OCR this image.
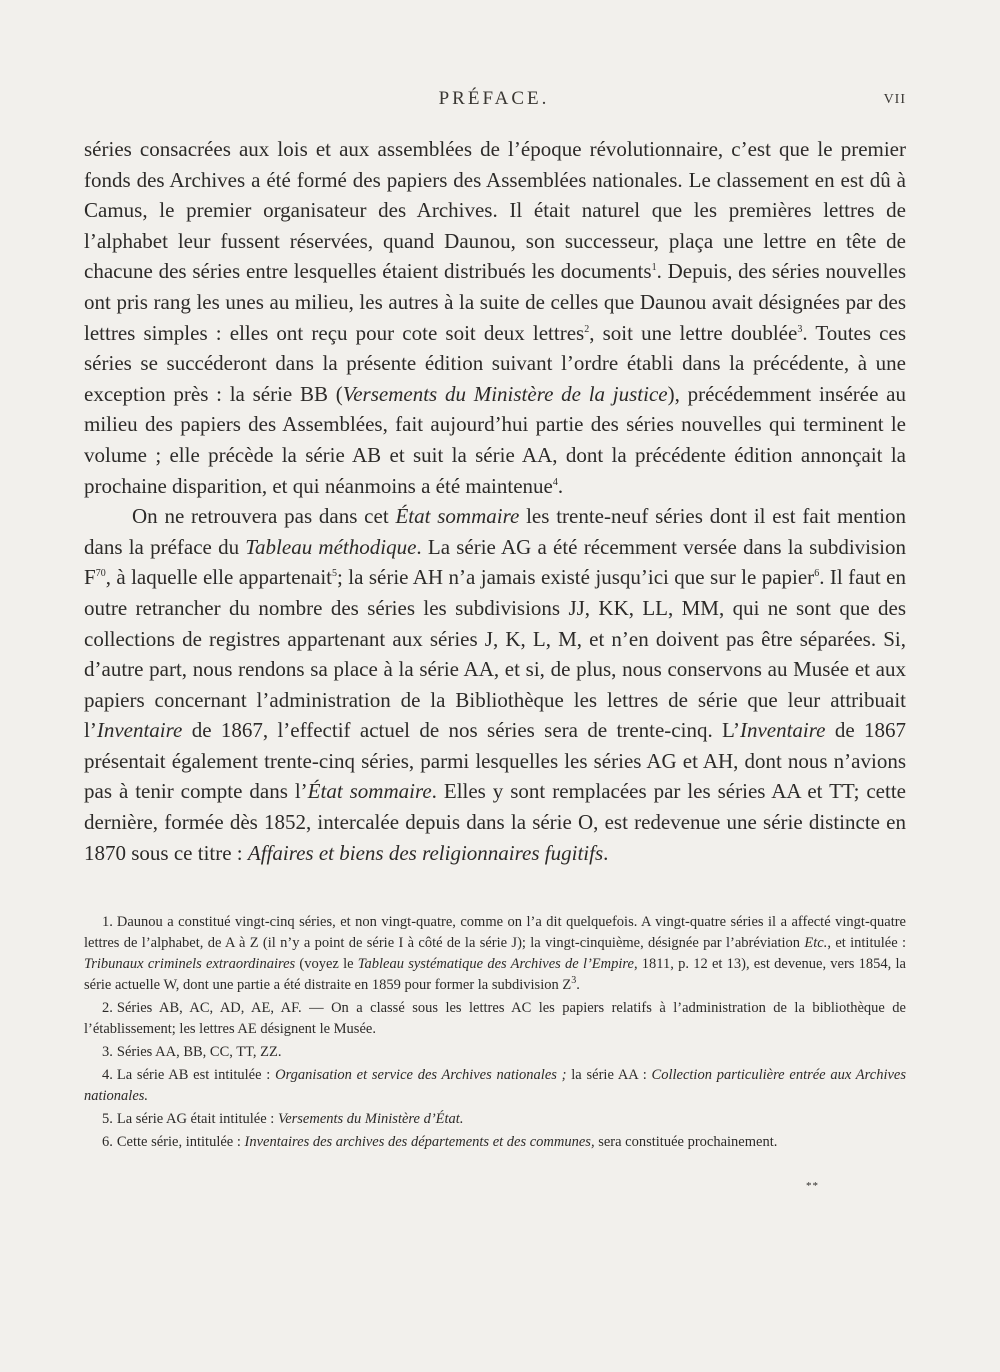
PRÉFACE.	VII

séries consacrées aux lois et aux assemblées de l’époque révolutionnaire, c’est que le premier fonds des Archives a été formé des papiers des Assemblées nationales. Le classement en est dû à Camus, le premier organisateur des Archives. Il était naturel que les premières lettres de l’alphabet leur fussent réservées, quand Daunou, son successeur, plaça une lettre en tête de chacune des séries entre lesquelles étaient distribués les documents$^1$. Depuis, des séries nouvelles ont pris rang les unes au milieu, les autres à la suite de celles que Daunou avait désignées par des lettres simples : elles ont reçu pour cote soit deux lettres$^2$, soit une lettre doublée$^3$. Toutes ces séries se succéderont dans la présente édition suivant l’ordre établi dans la précédente, à une exception près : la série BB (Versements du Ministère de la justice), précédemment insérée au milieu des papiers des Assemblées, fait aujourd’hui partie des séries nouvelles qui terminent le volume ; elle précède la série AB et suit la série AA, dont la précédente édition annonçait la prochaine disparition, et qui néanmoins a été maintenue$^4$.

On ne retrouvera pas dans cet État sommaire les trente-neuf séries dont il est fait mention dans la préface du Tableau méthodique. La série AG a été récemment versée dans la subdivision $F^{70}$, à laquelle elle appartenait$^5$; la série AH n’a jamais existé jusqu’ici que sur le papier$^6$. Il faut en outre retrancher du nombre des séries les subdivisions JJ, KK, LL, MM, qui ne sont que des collections de registres appartenant aux séries J, K, L, M, et n’en doivent pas être séparées. Si, d’autre part, nous rendons sa place à la série AA, et si, de plus, nous conservons au Musée et aux papiers concernant l’administration de la Bibliothèque les lettres de série que leur attribuait l’Inventaire de 1867, l’effectif actuel de nos séries sera de trente-cinq. L’Inventaire de 1867 présentait également trente-cinq séries, parmi lesquelles les séries AG et AH, dont nous n’avions pas à tenir compte dans l’État sommaire. Elles y sont remplacées par les séries AA et TT; cette dernière, formée dès 1852, intercalée depuis dans la série O, est redevenue une série distincte en 1870 sous ce titre : Affaires et biens des religionnaires fugitifs.

1. Daunou a constitué vingt-cinq séries, et non vingt-quatre, comme on l’a dit quelquefois. A vingt-quatre séries il a affecté vingt-quatre lettres de l’alphabet, de A à Z (il n’y a point de série I à côté de la série J); la vingt-cinquième, désignée par l’abréviation Etc., et intitulée : Tribunaux criminels extraordinaires (voyez le Tableau systématique des Archives de l’Empire, 1811, p. 12 et 13), est devenue, vers 1854, la série actuelle W, dont une partie a été distraite en 1859 pour former la subdivision $Z^3$.

2. Séries AB, AC, AD, AE, AF. — On a classé sous les lettres AC les papiers relatifs à l’administration de la bibliothèque de l’établissement; les lettres AE désignent le Musée.

3. Séries AA, BB, CC, TT, ZZ.

4. La série AB est intitulée : Organisation et service des Archives nationales ; la série AA : Collection particulière entrée aux Archives nationales.

5. La série AG était intitulée : Versements du Ministère d’État.

6. Cette série, intitulée : Inventaires des archives des départements et des communes, sera constituée prochainement.

**
